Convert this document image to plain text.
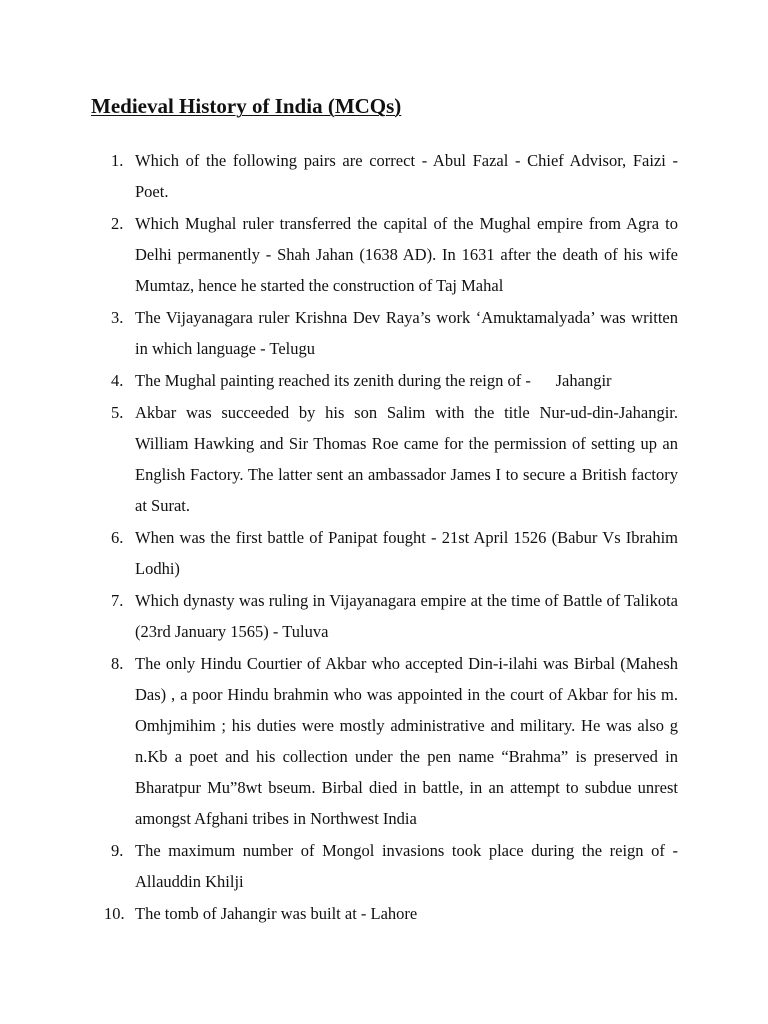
Medieval History of India (MCQs)
1. Which of the following pairs are correct - Abul Fazal - Chief Advisor, Faizi - Poet.
2. Which Mughal ruler transferred the capital of the Mughal empire from Agra to Delhi permanently - Shah Jahan (1638 AD). In 1631 after the death of his wife Mumtaz, hence he started the construction of Taj Mahal
3. The Vijayanagara ruler Krishna Dev Raya’s work ‘Amuktamalyada’ was written in which language - Telugu
4. The Mughal painting reached its zenith during the reign of -      Jahangir
5. Akbar was succeeded by his son Salim with the title Nur-ud-din-Jahangir. William Hawking and Sir Thomas Roe came for the permission of setting up an English Factory. The latter sent an ambassador James I to secure a British factory at Surat.
6. When was the first battle of Panipat fought - 21st April 1526 (Babur Vs Ibrahim Lodhi)
7. Which dynasty was ruling in Vijayanagara empire at the time of Battle of Talikota (23rd January 1565) - Tuluva
8. The only Hindu Courtier of Akbar who accepted Din-i-ilahi was Birbal (Mahesh Das) , a poor Hindu brahmin who was appointed in the court of Akbar for his m. Omhjmihim ; his duties were mostly administrative and military. He was also g n.Kb a poet and his collection under the pen name “Brahma” is preserved in Bharatpur Mu”8wt bseum. Birbal died in battle, in an attempt to subdue unrest amongst Afghani tribes in Northwest India
9. The maximum number of Mongol invasions took place during the reign of - Allauddin Khilji
10. The tomb of Jahangir was built at - Lahore
